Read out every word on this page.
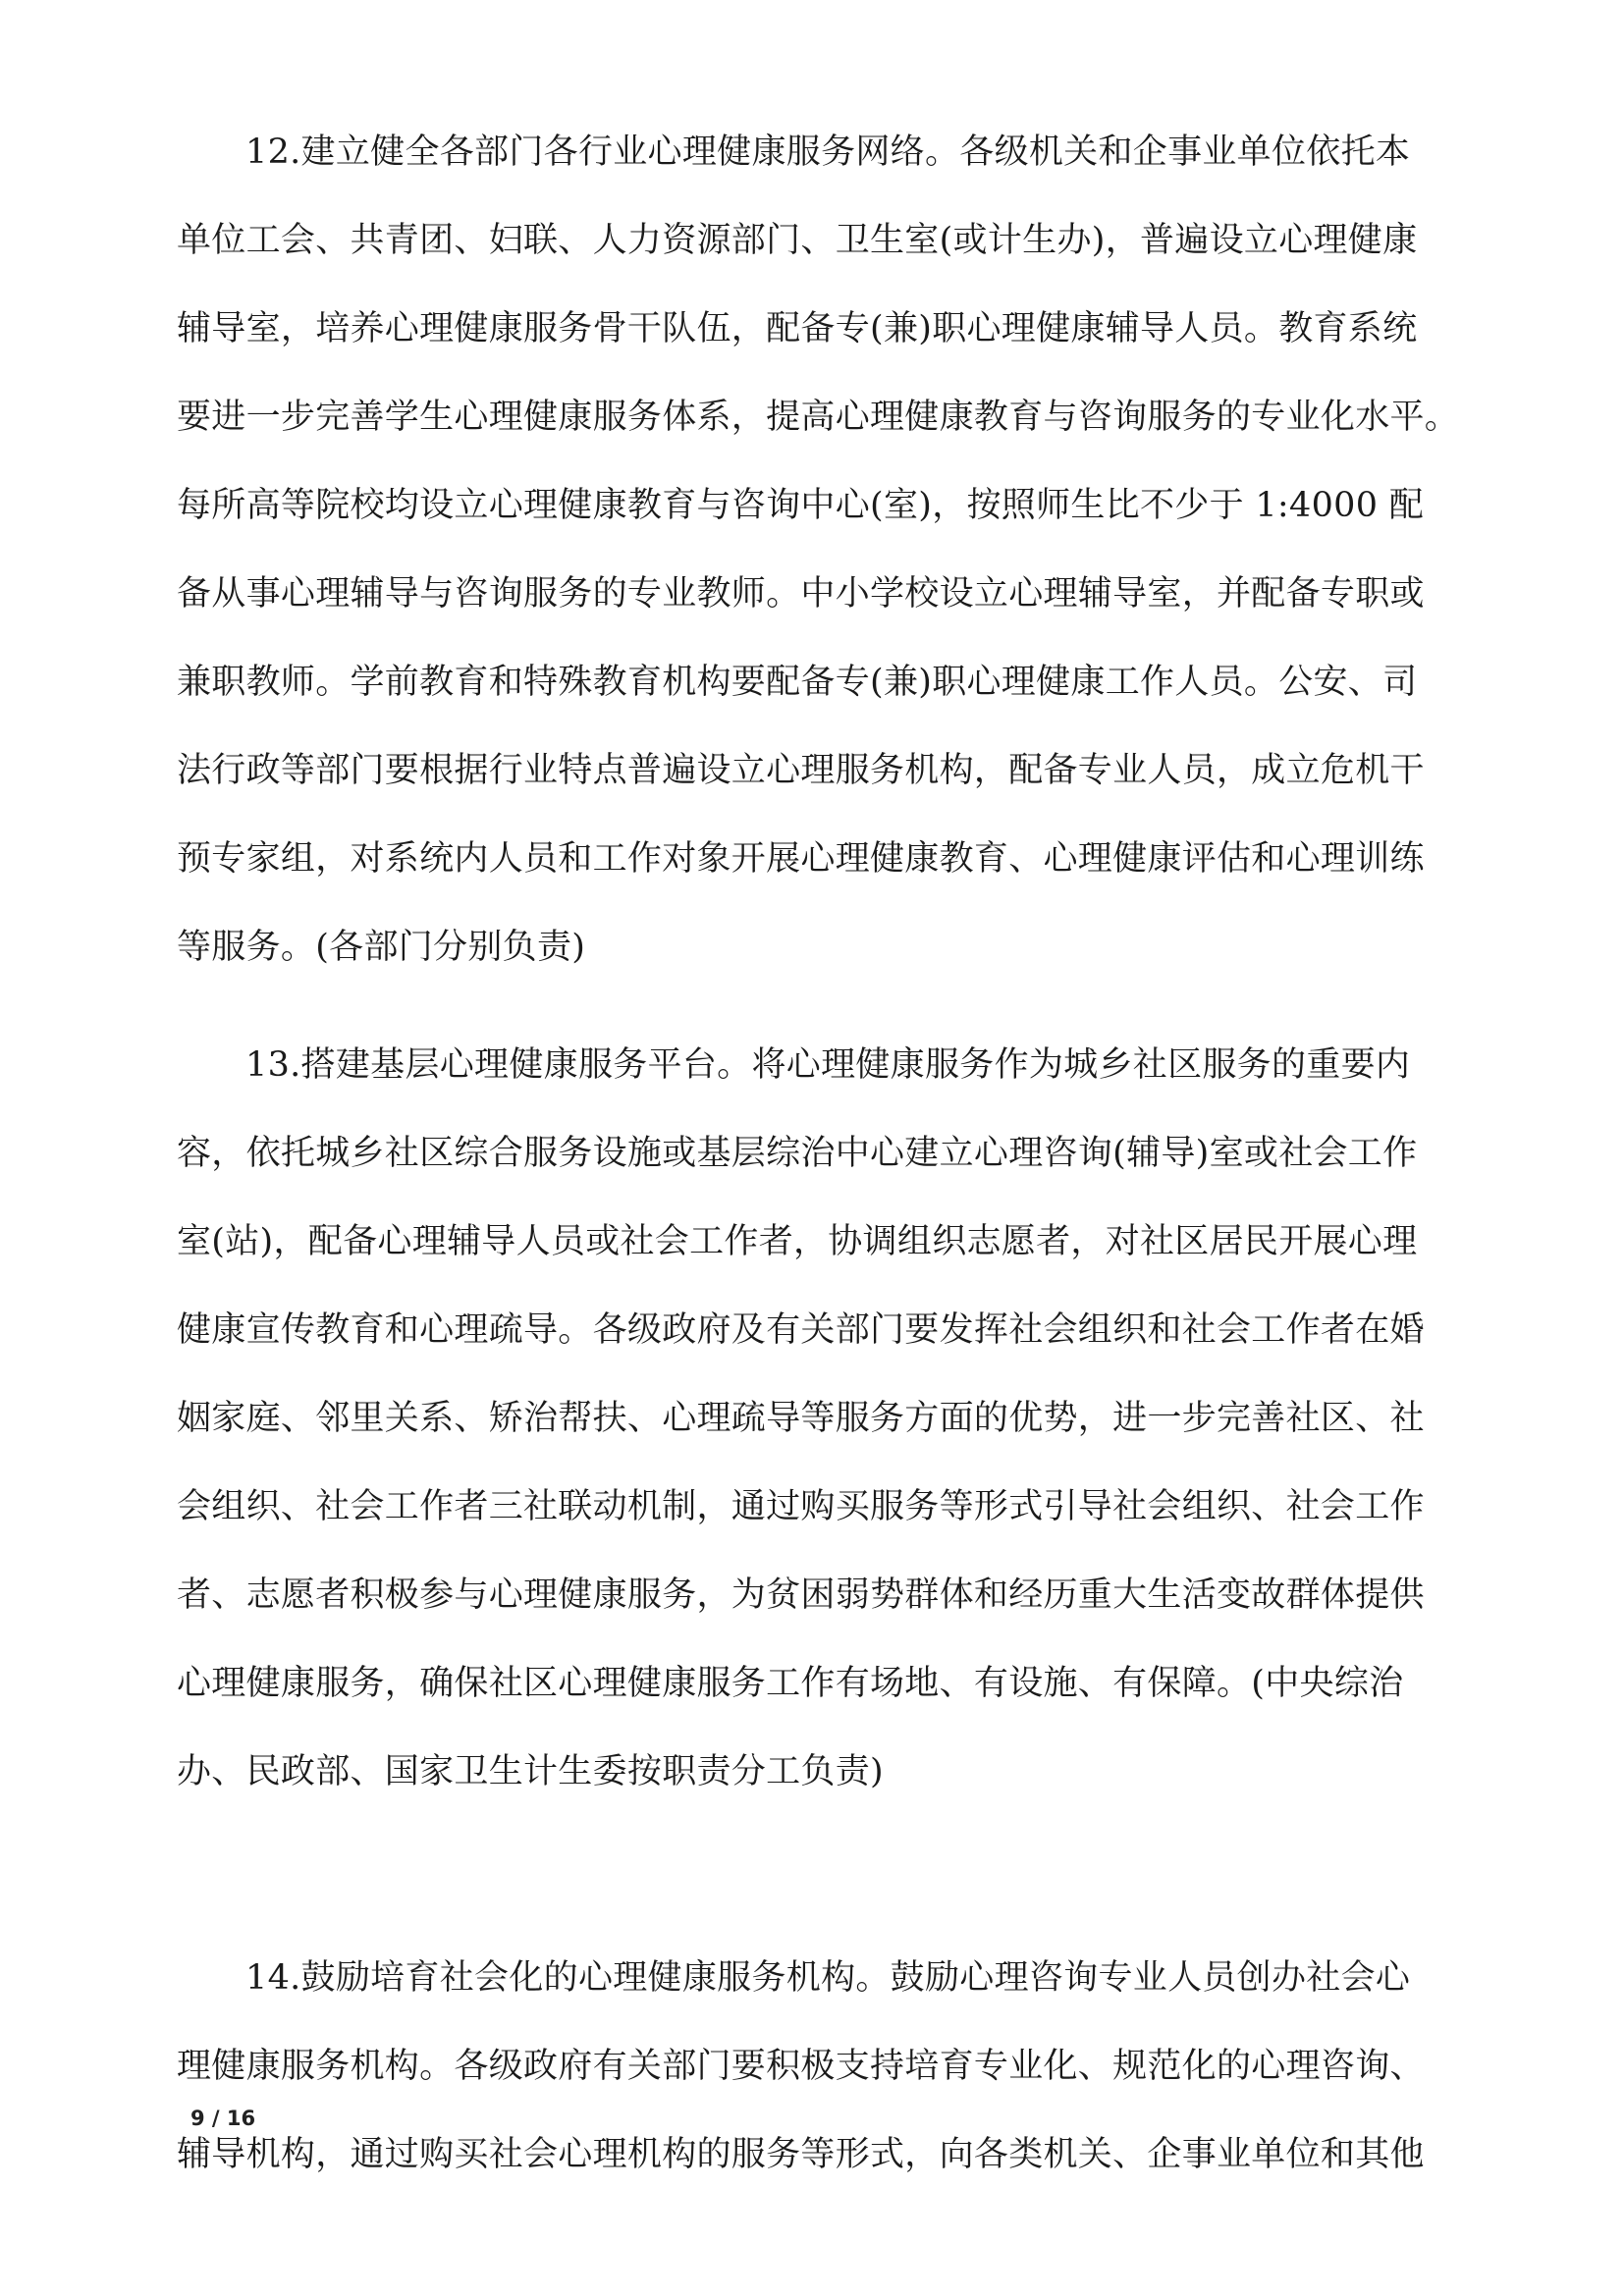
12.建立健全各部门各行业心理健康服务网络。各级机关和企事业单位依托本
单位工会、共青团、妇联、人力资源部门、卫生室(或计生办)，普遍设立心理健康
辅导室，培养心理健康服务骨干队伍，配备专(兼)职心理健康辅导人员。教育系统
要进一步完善学生心理健康服务体系，提高心理健康教育与咨询服务的专业化水平。
每所高等院校均设立心理健康教育与咨询中心(室)，按照师生比不少于 1:4000 配
备从事心理辅导与咨询服务的专业教师。中小学校设立心理辅导室，并配备专职或
兼职教师。学前教育和特殊教育机构要配备专(兼)职心理健康工作人员。公安、司
法行政等部门要根据行业特点普遍设立心理服务机构，配备专业人员，成立危机干
预专家组，对系统内人员和工作对象开展心理健康教育、心理健康评估和心理训练
等服务。(各部门分别负责)
13.搭建基层心理健康服务平台。将心理健康服务作为城乡社区服务的重要内
容，依托城乡社区综合服务设施或基层综治中心建立心理咨询(辅导)室或社会工作
室(站)，配备心理辅导人员或社会工作者，协调组织志愿者，对社区居民开展心理
健康宣传教育和心理疏导。各级政府及有关部门要发挥社会组织和社会工作者在婚
姻家庭、邻里关系、矫治帮扶、心理疏导等服务方面的优势，进一步完善社区、社
会组织、社会工作者三社联动机制，通过购买服务等形式引导社会组织、社会工作
者、志愿者积极参与心理健康服务，为贫困弱势群体和经历重大生活变故群体提供
心理健康服务，确保社区心理健康服务工作有场地、有设施、有保障。(中央综治
办、民政部、国家卫生计生委按职责分工负责)
14.鼓励培育社会化的心理健康服务机构。鼓励心理咨询专业人员创办社会心
理健康服务机构。各级政府有关部门要积极支持培育专业化、规范化的心理咨询、
辅导机构，通过购买社会心理机构的服务等形式，向各类机关、企事业单位和其他
9 / 16
